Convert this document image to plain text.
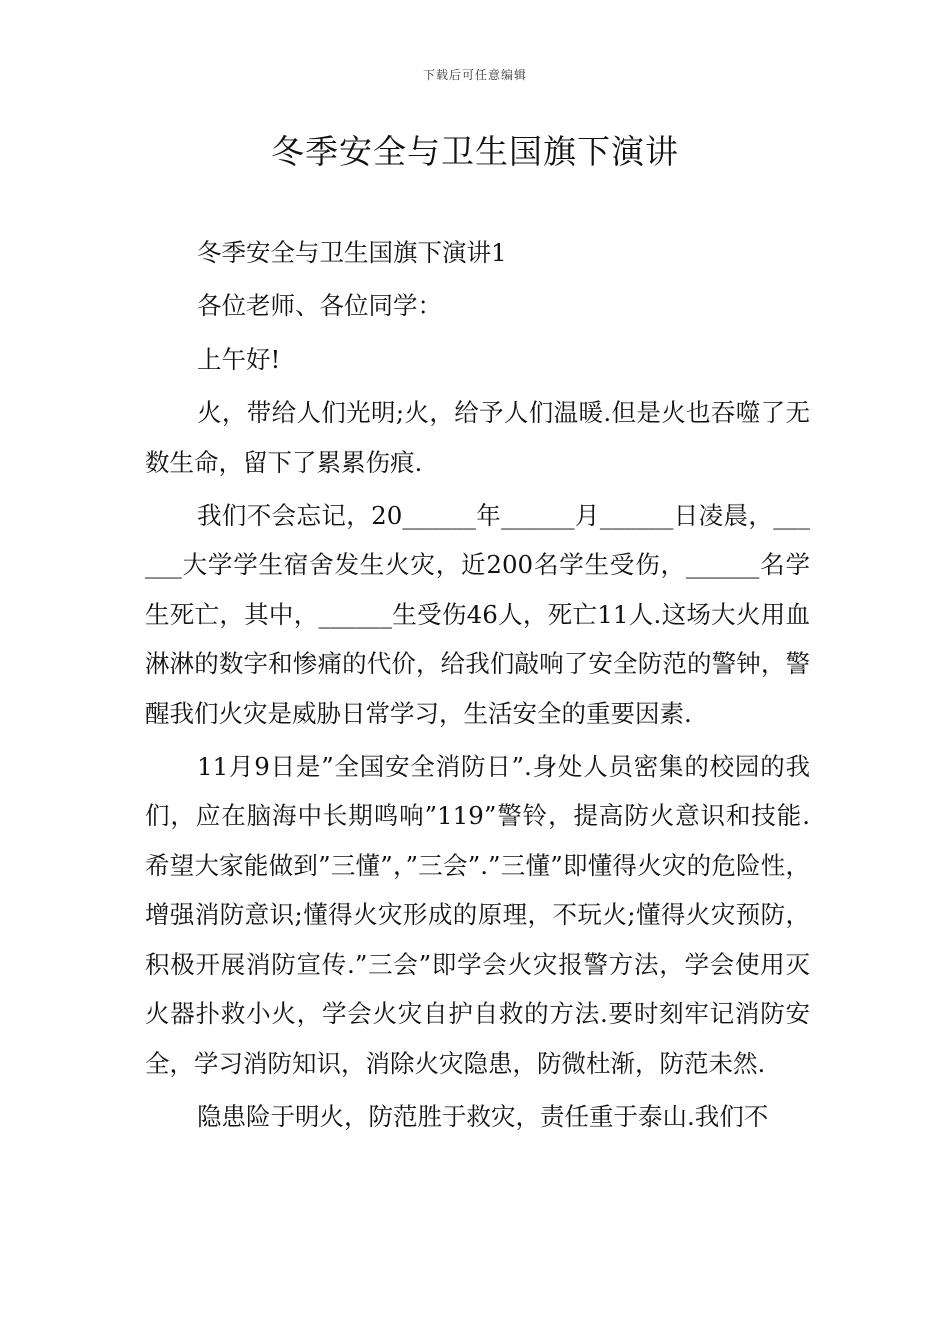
下载后可任意编辑
冬季安全与卫生国旗下演讲

冬季安全与卫生国旗下演讲1

各位老师、各位同学：

上午好!

火，带给人们光明;火，给予人们温暖.但是火也吞噬了无数生命，留下了累累伤痕.

我们不会忘记，20______年______月______日凌晨，______大学学生宿舍发生火灾，近200名学生受伤，______名学生死亡，其中，______生受伤46人，死亡11人.这场大火用血淋淋的数字和惨痛的代价，给我们敲响了安全防范的警钟，警醒我们火灾是威胁日常学习，生活安全的重要因素.

11月9日是”全国安全消防日”.身处人员密集的校园的我们，应在脑海中长期鸣响”119”警铃，提高防火意识和技能.希望大家能做到”三懂”，”三会”.”三懂”即懂得火灾的危险性，增强消防意识;懂得火灾形成的原理，不玩火;懂得火灾预防，积极开展消防宣传.”三会”即学会火灾报警方法，学会使用灭火器扑救小火，学会火灾自护自救的方法.要时刻牢记消防安全，学习消防知识，消除火灾隐患，防微杜渐，防范未然.

隐患险于明火，防范胜于救灾，责任重于泰山.我们不
